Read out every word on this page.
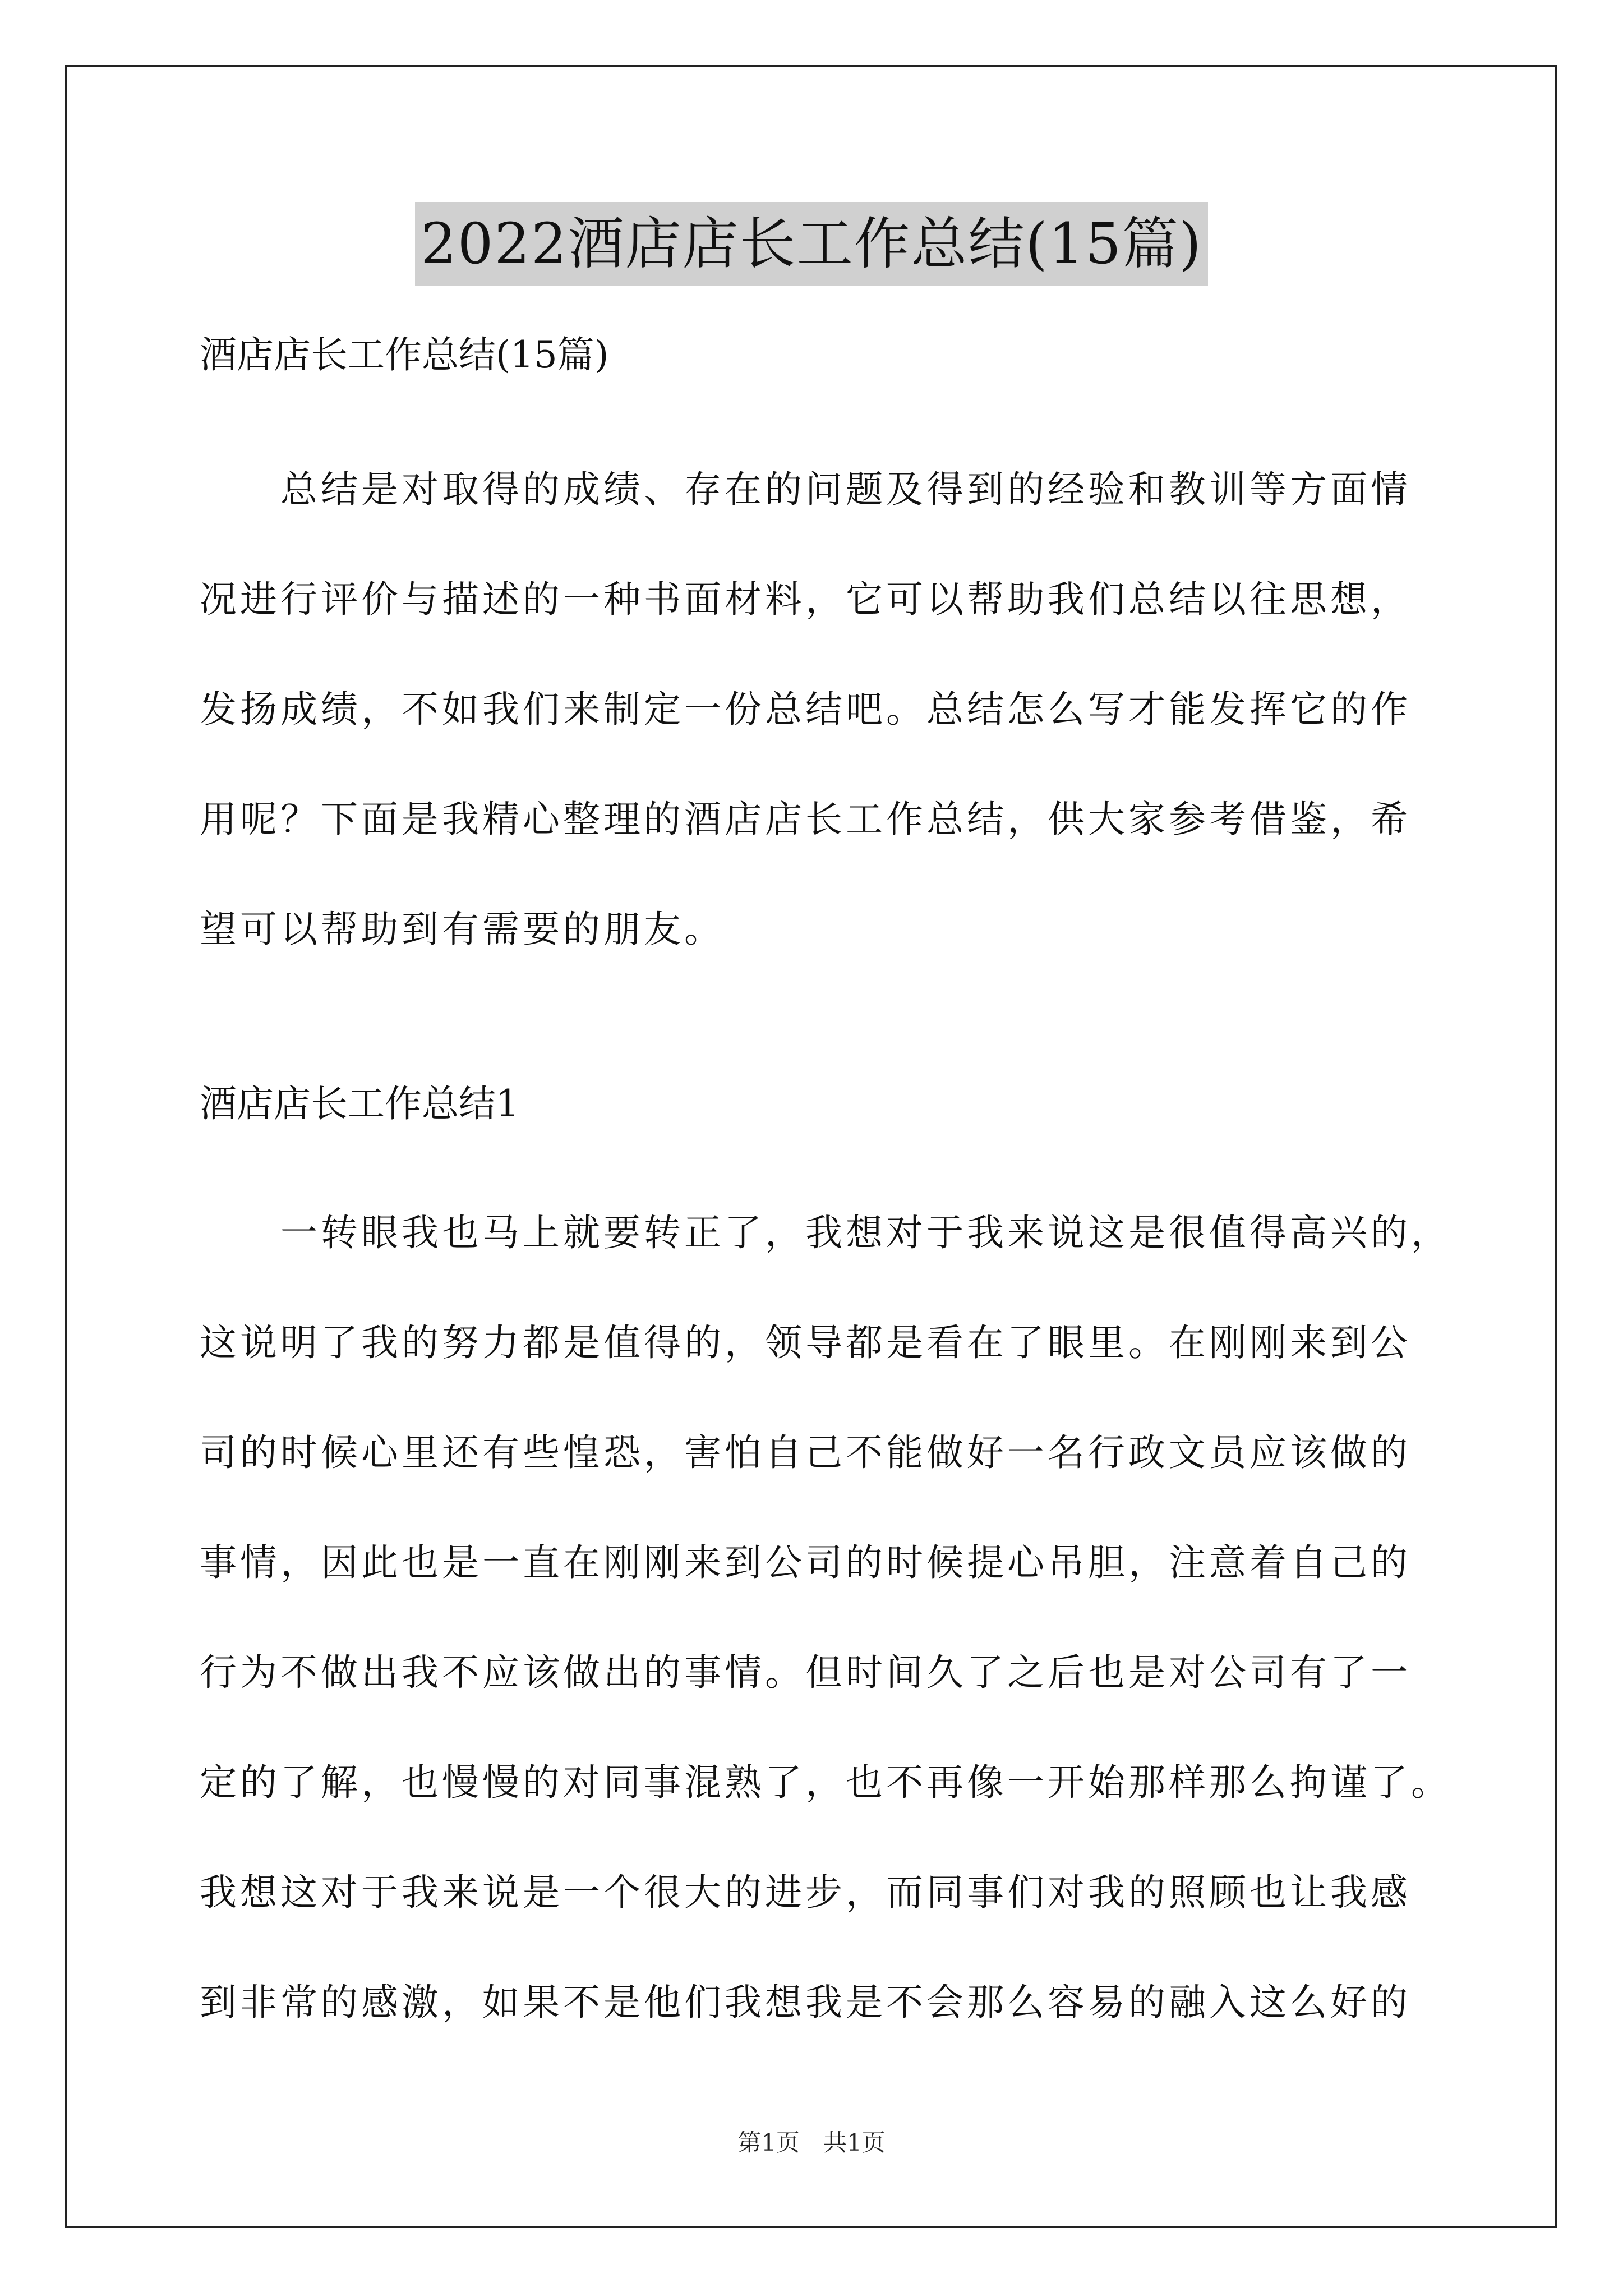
2022酒店店长工作总结(15篇)
酒店店长工作总结(15篇)
　　总结是对取得的成绩、存在的问题及得到的经验和教训等方面情
况进行评价与描述的一种书面材料，它可以帮助我们总结以往思想，
发扬成绩，不如我们来制定一份总结吧。总结怎么写才能发挥它的作
用呢？下面是我精心整理的酒店店长工作总结，供大家参考借鉴，希
望可以帮助到有需要的朋友。
酒店店长工作总结1
　　一转眼我也马上就要转正了，我想对于我来说这是很值得高兴的，
这说明了我的努力都是值得的，领导都是看在了眼里。在刚刚来到公
司的时候心里还有些惶恐，害怕自己不能做好一名行政文员应该做的
事情，因此也是一直在刚刚来到公司的时候提心吊胆，注意着自己的
行为不做出我不应该做出的事情。但时间久了之后也是对公司有了一
定的了解，也慢慢的对同事混熟了，也不再像一开始那样那么拘谨了。
我想这对于我来说是一个很大的进步，而同事们对我的照顾也让我感
到非常的感激，如果不是他们我想我是不会那么容易的融入这么好的
第1页　共1页
